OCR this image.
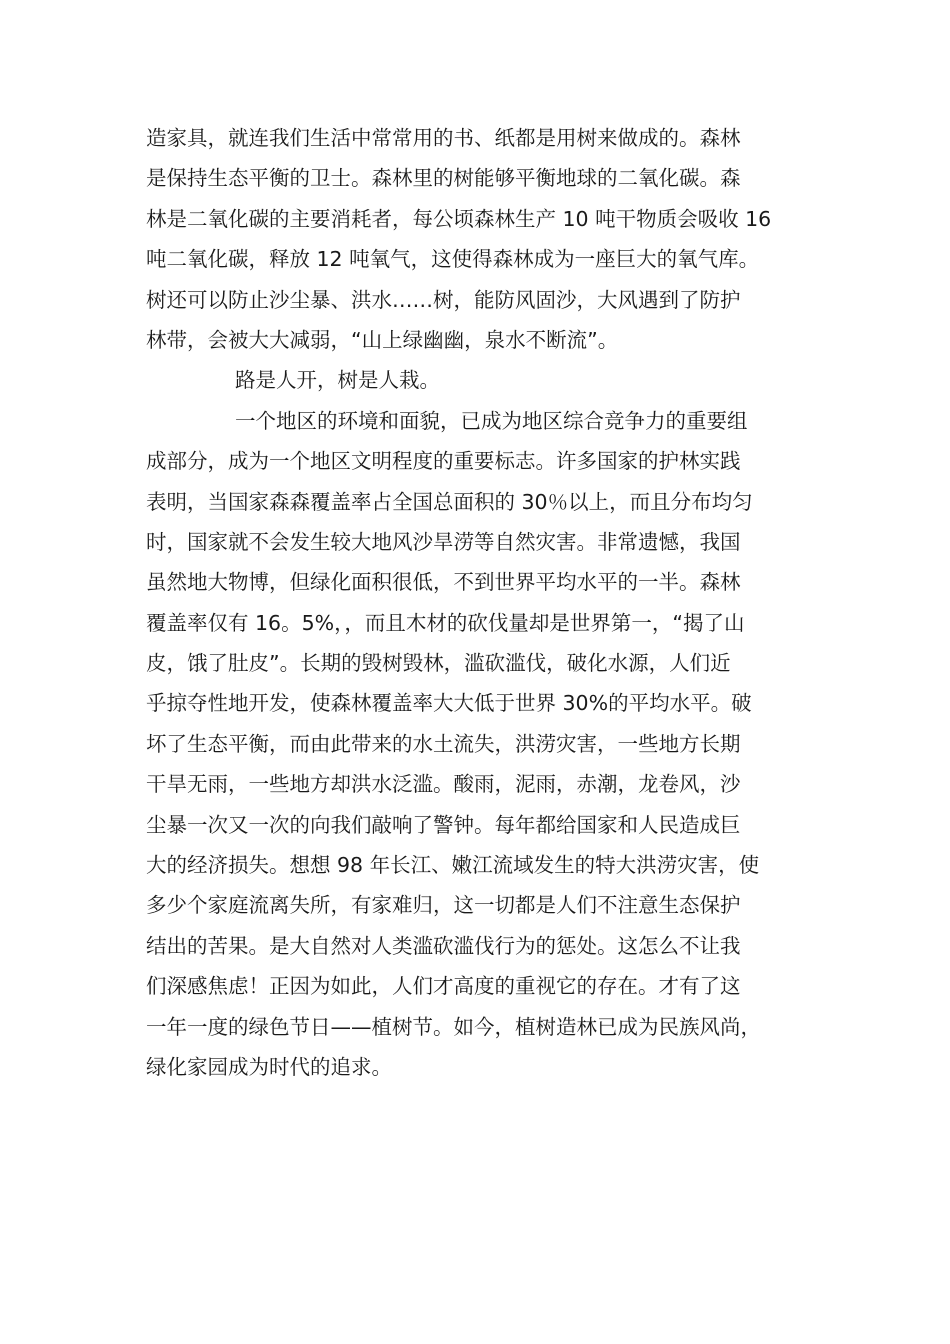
造家具，就连我们生活中常常用的书、纸都是用树来做成的。森林
是保持生态平衡的卫士。森林里的树能够平衡地球的二氧化碳。森
林是二氧化碳的主要消耗者，每公顷森林生产 10 吨干物质会吸收 16
吨二氧化碳，释放 12 吨氧气，这使得森林成为一座巨大的氧气库。
树还可以防止沙尘暴、洪水……树，能防风固沙，大风遇到了防护
林带，会被大大减弱，“山上绿幽幽，泉水不断流”。
路是人开，树是人栽。
一个地区的环境和面貌，已成为地区综合竞争力的重要组
成部分，成为一个地区文明程度的重要标志。许多国家的护林实践
表明，当国家森森覆盖率占全国总面积的 30％以上，而且分布均匀
时，国家就不会发生较大地风沙旱涝等自然灾害。非常遗憾，我国
虽然地大物博，但绿化面积很低，不到世界平均水平的一半。森林
覆盖率仅有 16。5%，，而且木材的砍伐量却是世界第一，“揭了山
皮，饿了肚皮”。长期的毁树毁林，滥砍滥伐，破化水源，人们近
乎掠夺性地开发，使森林覆盖率大大低于世界 30%的平均水平。破
坏了生态平衡，而由此带来的水土流失，洪涝灾害，一些地方长期
干旱无雨，一些地方却洪水泛滥。酸雨，泥雨，赤潮，龙卷风，沙
尘暴一次又一次的向我们敲响了警钟。每年都给国家和人民造成巨
大的经济损失。想想 98 年长江、嫩江流域发生的特大洪涝灾害，使
多少个家庭流离失所，有家难归，这一切都是人们不注意生态保护
结出的苦果。是大自然对人类滥砍滥伐行为的惩处。这怎么不让我
们深感焦虑！正因为如此，人们才高度的重视它的存在。才有了这
一年一度的绿色节日——植树节。如今，植树造林已成为民族风尚，
绿化家园成为时代的追求。
